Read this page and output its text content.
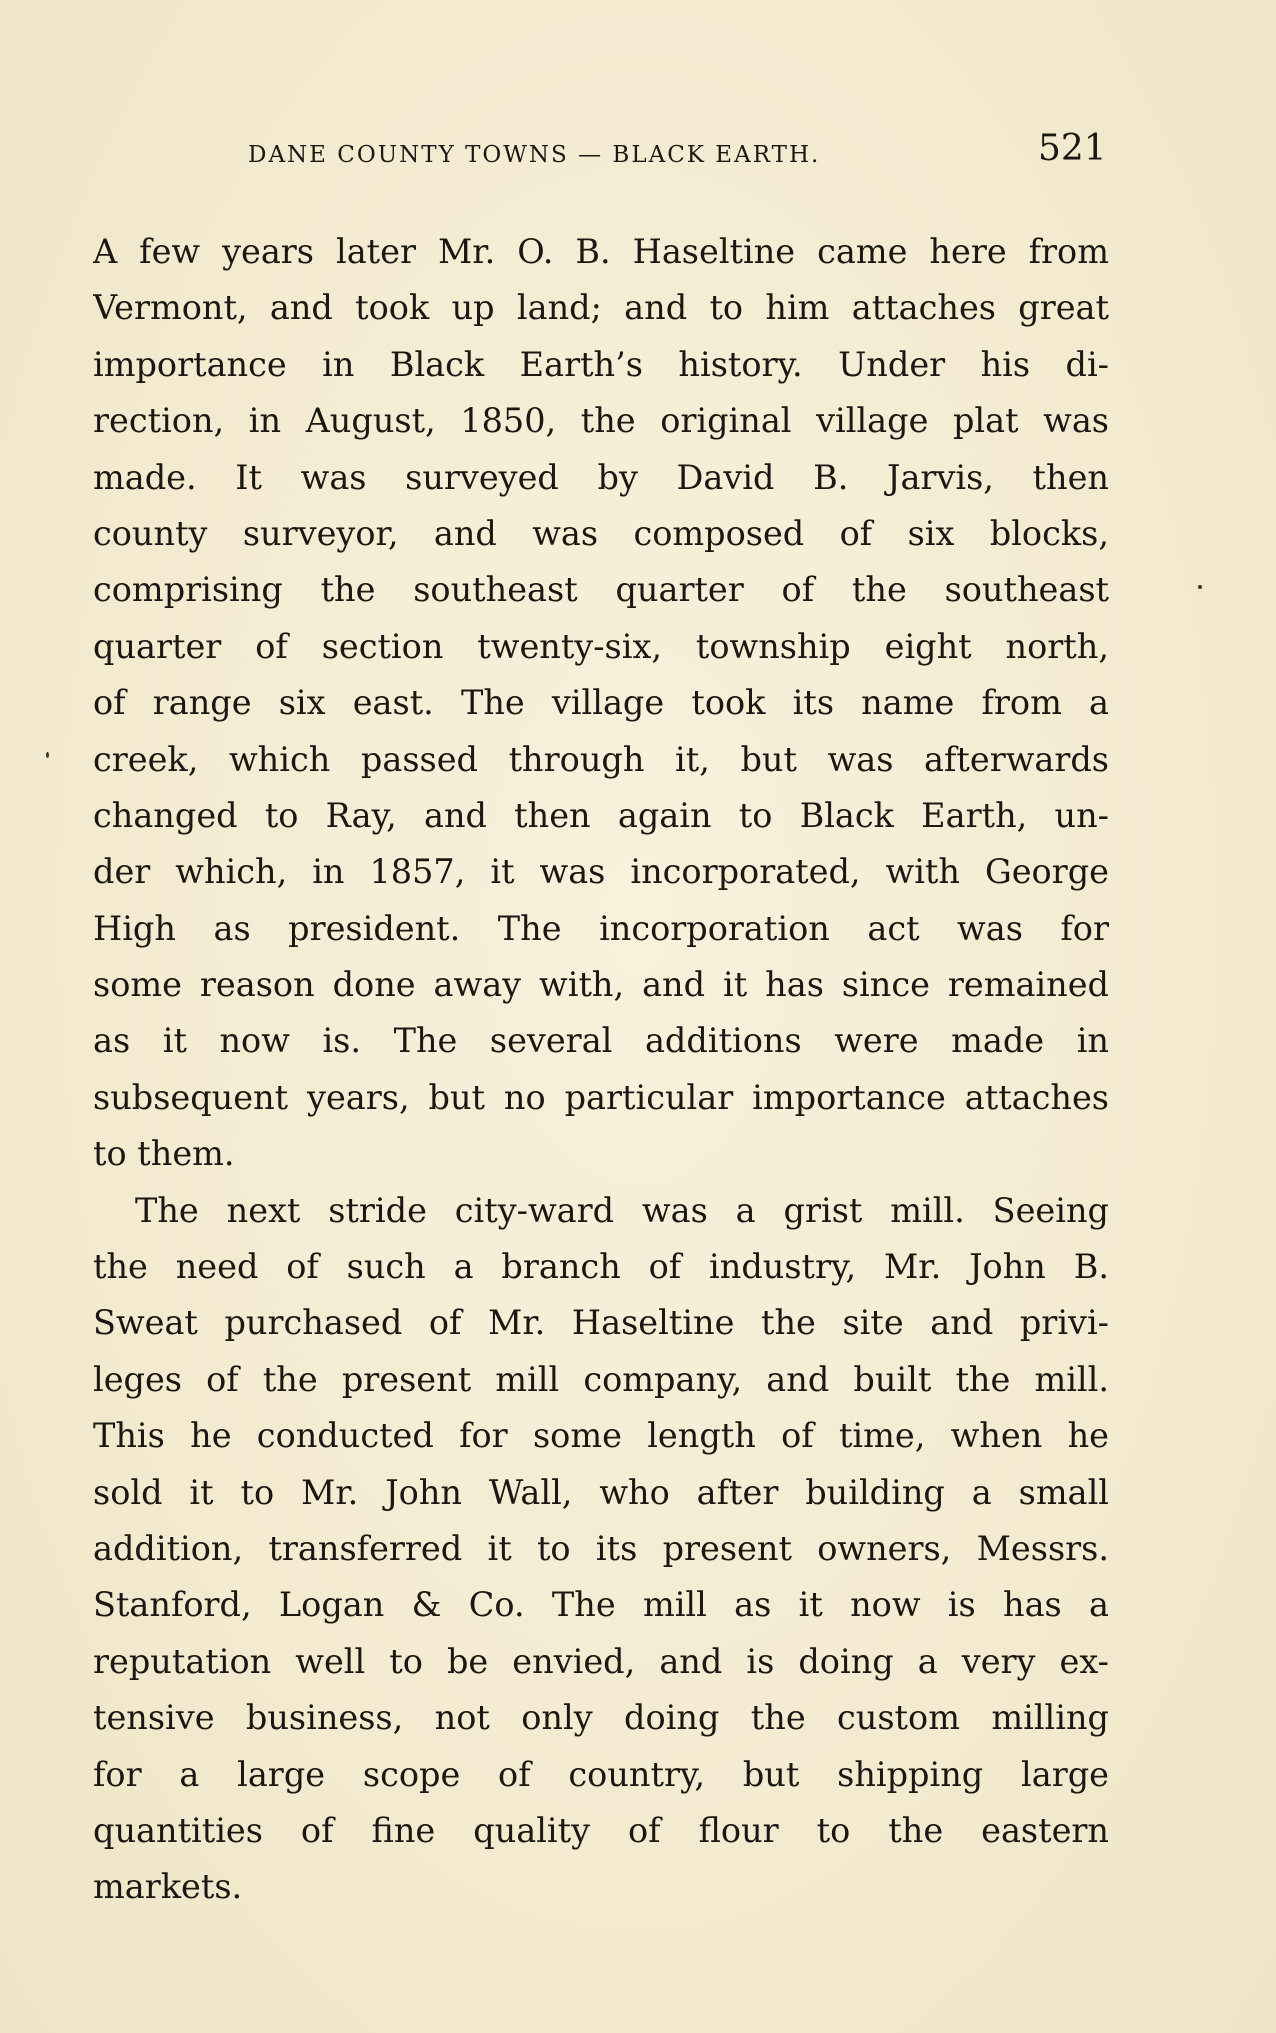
DANE COUNTY TOWNS — BLACK EARTH.	521
A few years later Mr. O. B. Haseltine came here from
Vermont, and took up land; and to him attaches great
importance in Black Earth’s history. Under his di-
rection, in August, 1850, the original village plat was
made. It was surveyed by David B. Jarvis, then
county surveyor, and was composed of six blocks,
comprising the southeast quarter of the southeast
quarter of section twenty-six, township eight north,
of range six east. The village took its name from a
creek, which passed through it, but was afterwards
changed to Ray, and then again to Black Earth, un-
der which, in 1857, it was incorporated, with George
High as president. The incorporation act was for
some reason done away with, and it has since remained
as it now is. The several additions were made in
subsequent years, but no particular importance attaches
to them.
The next stride city-ward was a grist mill. Seeing
the need of such a branch of industry, Mr. John B.
Sweat purchased of Mr. Haseltine the site and privi-
leges of the present mill company, and built the mill.
This he conducted for some length of time, when he
sold it to Mr. John Wall, who after building a small
addition, transferred it to its present owners, Messrs.
Stanford, Logan & Co. The mill as it now is has a
reputation well to be envied, and is doing a very ex-
tensive business, not only doing the custom milling
for a large scope of country, but shipping large
quantities of fine quality of flour to the eastern
markets.
